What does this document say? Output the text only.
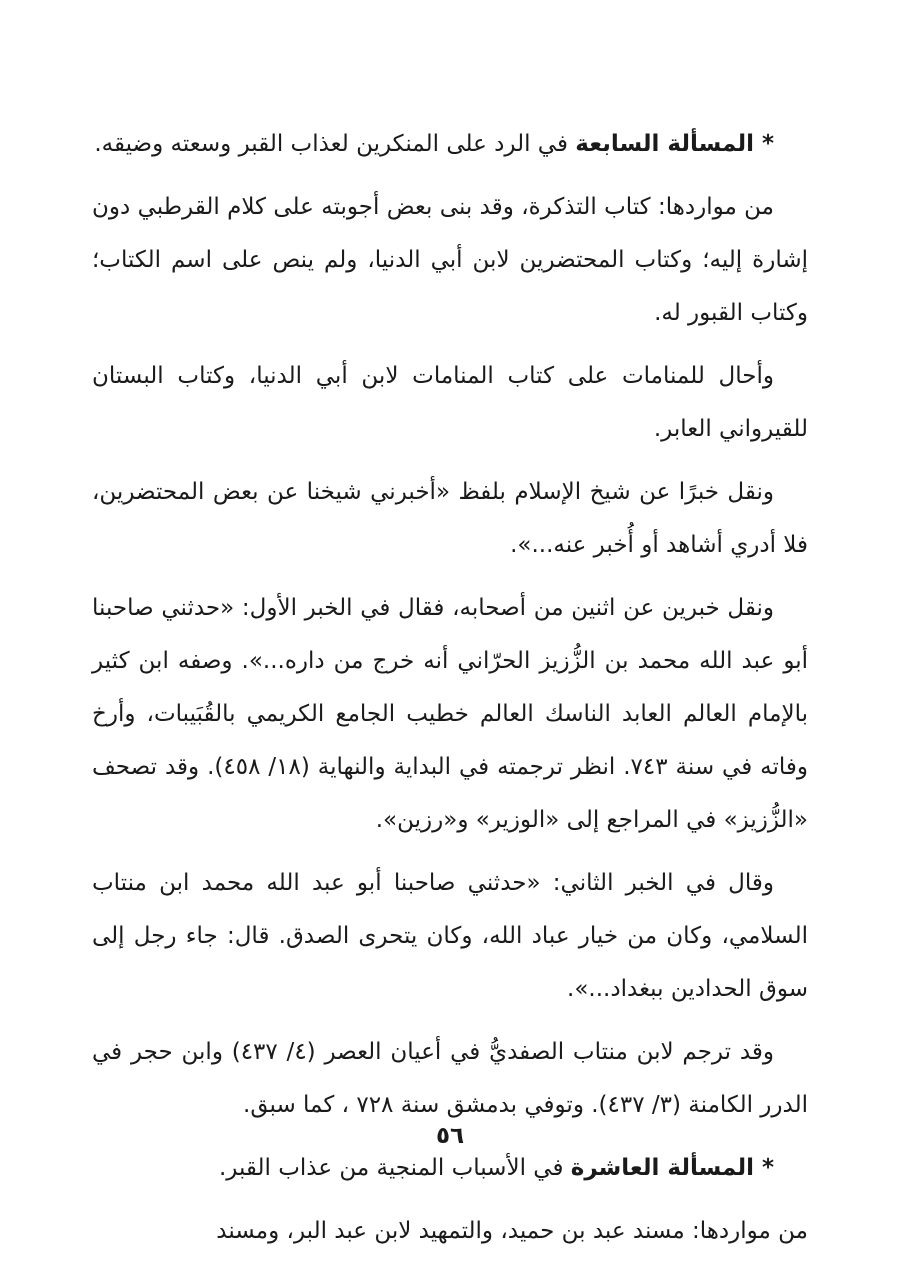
* المسألة السابعة في الرد على المنكرين لعذاب القبر وسعته وضيقه.

من مواردها: كتاب التذكرة، وقد بنى بعض أجوبته على كلام القرطبي دون إشارة إليه؛ وكتاب المحتضرين لابن أبي الدنيا، ولم ينص على اسم الكتاب؛ وكتاب القبور له.

وأحال للمنامات على كتاب المنامات لابن أبي الدنيا، وكتاب البستان للقيرواني العابر.

ونقل خبرًا عن شيخ الإسلام بلفظ «أخبرني شيخنا عن بعض المحتضرين، فلا أدري أشاهد أو أُخبر عنه...».

ونقل خبرين عن اثنين من أصحابه، فقال في الخبر الأول: «حدثني صاحبنا أبو عبد الله محمد بن الزُّزيز الحرّاني أنه خرج من داره...». وصفه ابن كثير بالإمام العالم العابد الناسك العالم خطيب الجامع الكريمي بالقُبَيبات، وأرخ وفاته في سنة ٧٤٣. انظر ترجمته في البداية والنهاية (١٨/ ٤٥٨). وقد تصحف «الزُّزيز» في المراجع إلى «الوزير» و«رزين».

وقال في الخبر الثاني: «حدثني صاحبنا أبو عبد الله محمد ابن منتاب السلامي، وكان من خيار عباد الله، وكان يتحرى الصدق. قال: جاء رجل إلى سوق الحدادين ببغداد...».

وقد ترجم لابن منتاب الصفديُّ في أعيان العصر (٤/ ٤٣٧) وابن حجر في الدرر الكامنة (٣/ ٤٣٧). وتوفي بدمشق سنة ٧٢٨ ، كما سبق.

* المسألة العاشرة في الأسباب المنجية من عذاب القبر.

من مواردها: مسند عبد بن حميد، والتمهيد لابن عبد البر، ومسند

٥٦
